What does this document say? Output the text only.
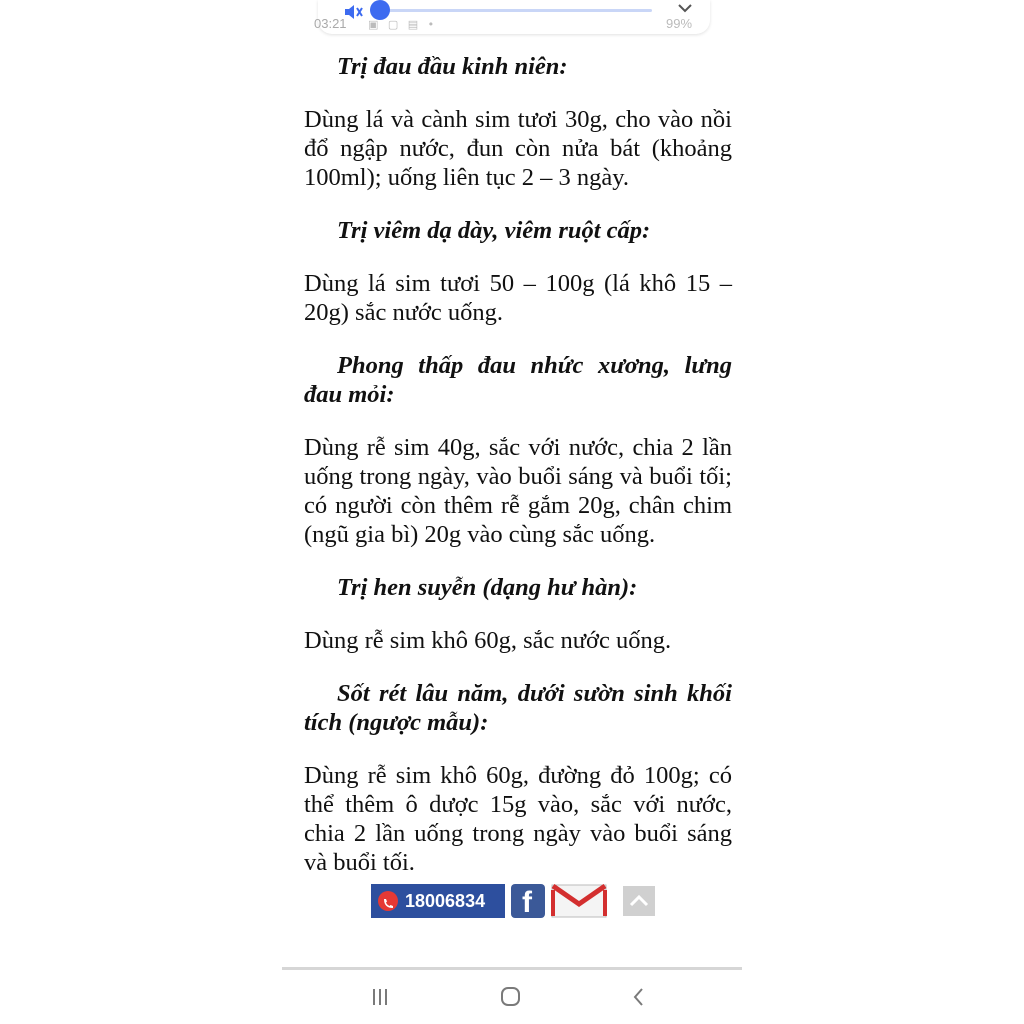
03:21 ▣ ▢ ▤ •	99%

Trị đau đầu kinh niên:

Dùng lá và cành sim tươi 30g, cho vào nồi đổ ngập nước, đun còn nửa bát (khoảng 100ml); uống liên tục 2 – 3 ngày.

Trị viêm dạ dày, viêm ruột cấp:

Dùng lá sim tươi 50 – 100g (lá khô 15 – 20g) sắc nước uống.

Phong thấp đau nhức xương, lưng đau mỏi:

Dùng rễ sim 40g, sắc với nước, chia 2 lần uống trong ngày, vào buổi sáng và buổi tối; có người còn thêm rễ gắm 20g, chân chim (ngũ gia bì) 20g vào cùng sắc uống.

Trị hen suyễn (dạng hư hàn):

Dùng rễ sim khô 60g, sắc nước uống.

Sốt rét lâu năm, dưới sườn sinh khối tích (ngược mẫu):

Dùng rễ sim khô 60g, đường đỏ 100g; có thể thêm ô dược 15g vào, sắc với nước, chia 2 lần uống trong ngày vào buổi sáng và buổi tối.

18006834	f
